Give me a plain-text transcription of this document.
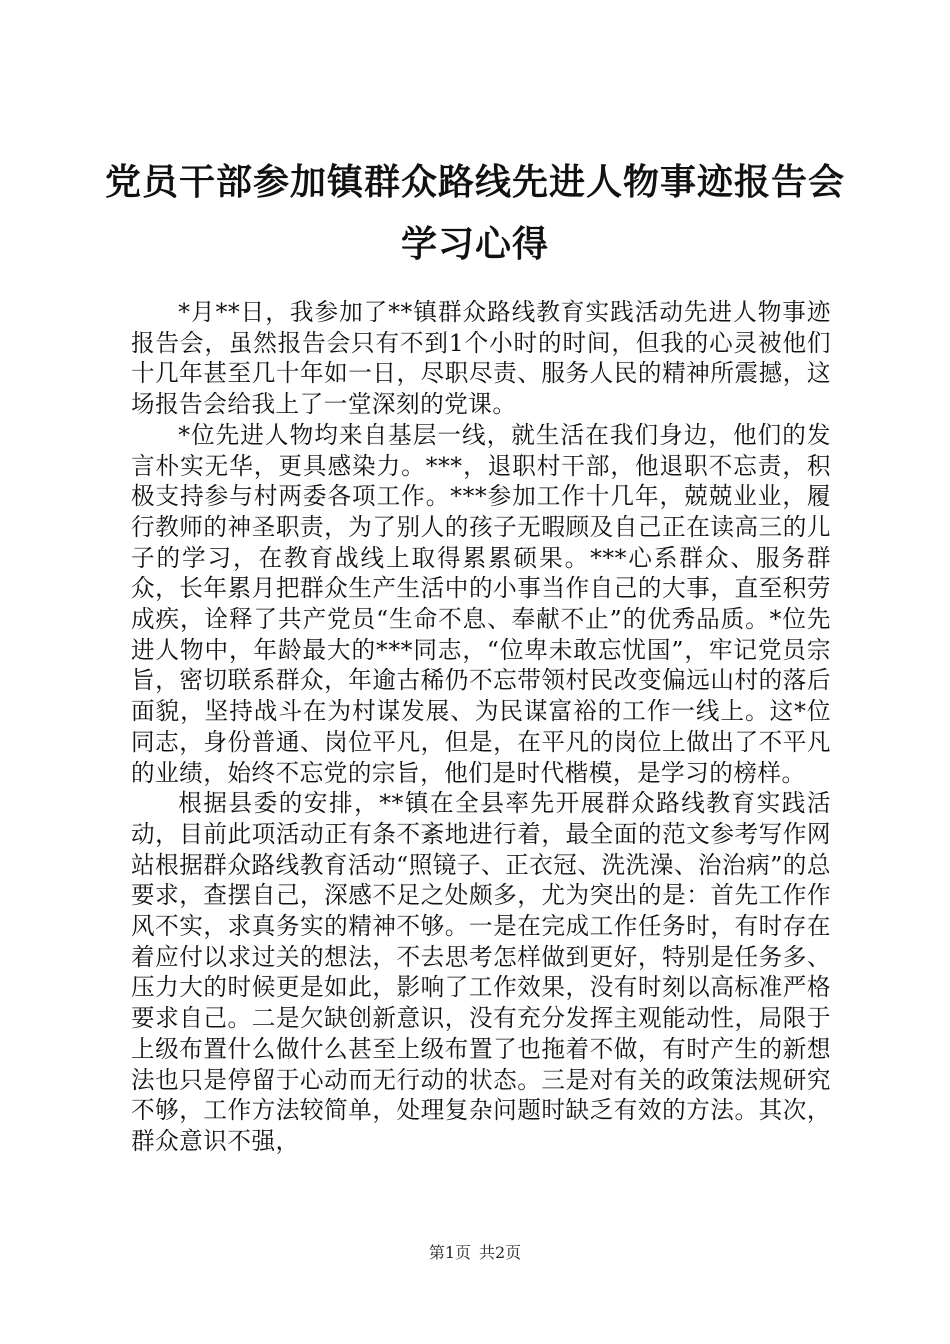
党员干部参加镇群众路线先进人物事迹报告会
学习心得

*月**日，我参加了**镇群众路线教育实践活动先进人物事迹报告会，虽然报告会只有不到1个小时的时间，但我的心灵被他们十几年甚至几十年如一日，尽职尽责、服务人民的精神所震撼，这场报告会给我上了一堂深刻的党课。

*位先进人物均来自基层一线，就生活在我们身边，他们的发言朴实无华，更具感染力。***，退职村干部，他退职不忘责，积极支持参与村两委各项工作。***参加工作十几年，兢兢业业，履行教师的神圣职责，为了别人的孩子无暇顾及自己正在读高三的儿子的学习，在教育战线上取得累累硕果。***心系群众、服务群众，长年累月把群众生产生活中的小事当作自己的大事，直至积劳成疾，诠释了共产党员“生命不息、奉献不止”的优秀品质。*位先进人物中，年龄最大的***同志，“位卑未敢忘忧国”，牢记党员宗旨，密切联系群众，年逾古稀仍不忘带领村民改变偏远山村的落后面貌，坚持战斗在为村谋发展、为民谋富裕的工作一线上。这*位同志，身份普通、岗位平凡，但是，在平凡的岗位上做出了不平凡的业绩，始终不忘党的宗旨，他们是时代楷模，是学习的榜样。

根据县委的安排，**镇在全县率先开展群众路线教育实践活动，目前此项活动正有条不紊地进行着，最全面的范文参考写作网站根据群众路线教育活动“照镜子、正衣冠、洗洗澡、治治病”的总要求，查摆自己，深感不足之处颇多，尤为突出的是：首先工作作风不实，求真务实的精神不够。一是在完成工作任务时，有时存在着应付以求过关的想法，不去思考怎样做到更好，特别是任务多、压力大的时候更是如此，影响了工作效果，没有时刻以高标准严格要求自己。二是欠缺创新意识，没有充分发挥主观能动性，局限于上级布置什么做什么甚至上级布置了也拖着不做，有时产生的新想法也只是停留于心动而无行动的状态。三是对有关的政策法规研究不够，工作方法较简单，处理复杂问题时缺乏有效的方法。其次，群众意识不强，

第1页 共2页
